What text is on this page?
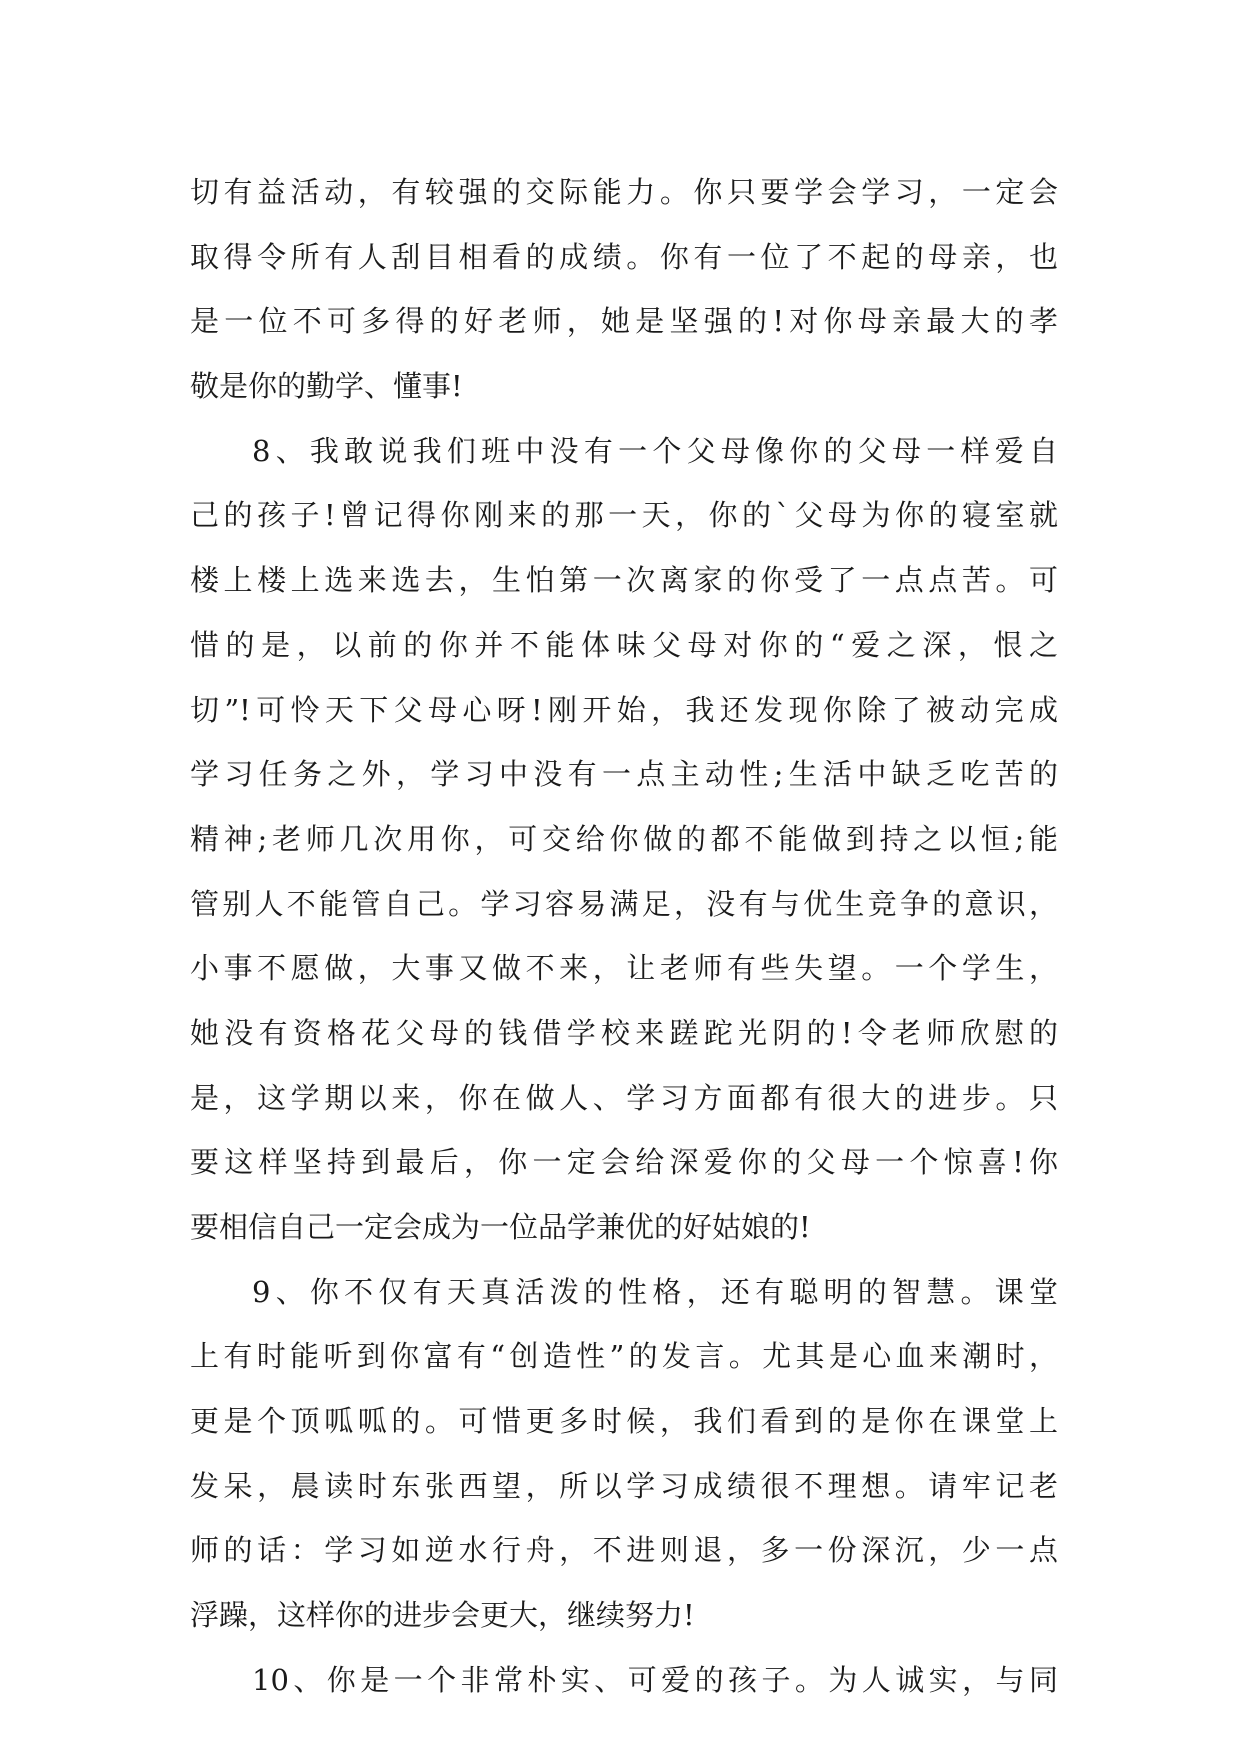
切有益活动，有较强的交际能力。你只要学会学习，一定会
取得令所有人刮目相看的成绩。你有一位了不起的母亲，也
是一位不可多得的好老师，她是坚强的!对你母亲最大的孝
敬是你的勤学、懂事!
8、我敢说我们班中没有一个父母像你的父母一样爱自
己的孩子!曾记得你刚来的那一天，你的`父母为你的寝室就
楼上楼上选来选去，生怕第一次离家的你受了一点点苦。可
惜的是，以前的你并不能体味父母对你的“爱之深，恨之
切”!可怜天下父母心呀!刚开始，我还发现你除了被动完成
学习任务之外，学习中没有一点主动性;生活中缺乏吃苦的
精神;老师几次用你，可交给你做的都不能做到持之以恒;能
管别人不能管自己。学习容易满足，没有与优生竞争的意识，
小事不愿做，大事又做不来，让老师有些失望。一个学生，
她没有资格花父母的钱借学校来蹉跎光阴的!令老师欣慰的
是，这学期以来，你在做人、学习方面都有很大的进步。只
要这样坚持到最后，你一定会给深爱你的父母一个惊喜!你
要相信自己一定会成为一位品学兼优的好姑娘的!
9、你不仅有天真活泼的性格，还有聪明的智慧。课堂
上有时能听到你富有“创造性”的发言。尤其是心血来潮时，
更是个顶呱呱的。可惜更多时候，我们看到的是你在课堂上
发呆，晨读时东张西望，所以学习成绩很不理想。请牢记老
师的话：学习如逆水行舟，不进则退，多一份深沉，少一点
浮躁，这样你的进步会更大，继续努力!
10、你是一个非常朴实、可爱的孩子。为人诚实，与同
